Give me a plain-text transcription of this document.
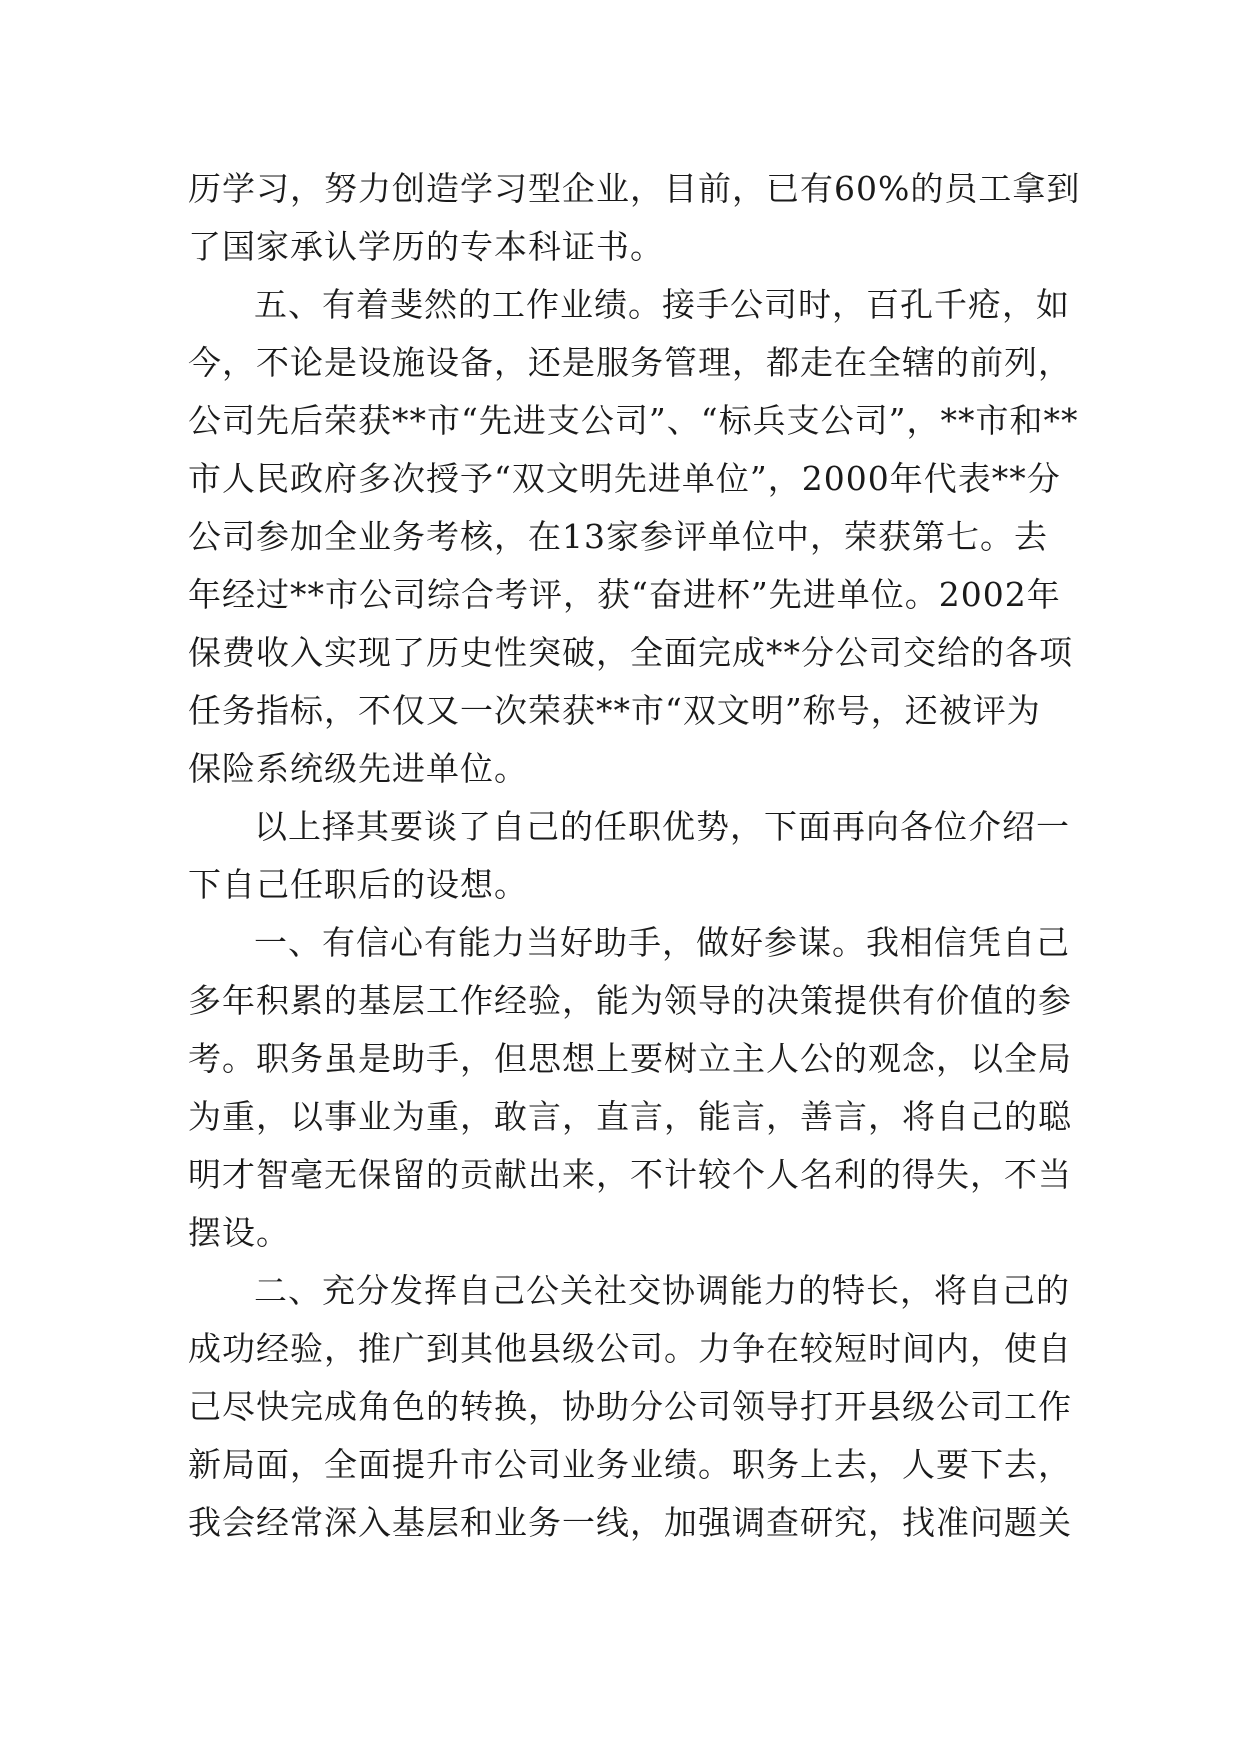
历学习，努力创造学习型企业，目前，已有60%的员工拿到
了国家承认学历的专本科证书。
五、有着斐然的工作业绩。接手公司时，百孔千疮，如
今，不论是设施设备，还是服务管理，都走在全辖的前列，
公司先后荣获**市“先进支公司”、“标兵支公司”，**市和**
市人民政府多次授予“双文明先进单位”，2000年代表**分
公司参加全业务考核，在13家参评单位中，荣获第七。去
年经过**市公司综合考评，获“奋进杯”先进单位。2002年
保费收入实现了历史性突破，全面完成**分公司交给的各项
任务指标，不仅又一次荣获**市“双文明”称号，还被评为
保险系统级先进单位。
以上择其要谈了自己的任职优势，下面再向各位介绍一
下自己任职后的设想。
一、有信心有能力当好助手，做好参谋。我相信凭自己
多年积累的基层工作经验，能为领导的决策提供有价值的参
考。职务虽是助手，但思想上要树立主人公的观念，以全局
为重，以事业为重，敢言，直言，能言，善言，将自己的聪
明才智毫无保留的贡献出来，不计较个人名利的得失，不当
摆设。
二、充分发挥自己公关社交协调能力的特长，将自己的
成功经验，推广到其他县级公司。力争在较短时间内，使自
己尽快完成角色的转换，协助分公司领导打开县级公司工作
新局面，全面提升市公司业务业绩。职务上去，人要下去，
我会经常深入基层和业务一线，加强调查研究，找准问题关
